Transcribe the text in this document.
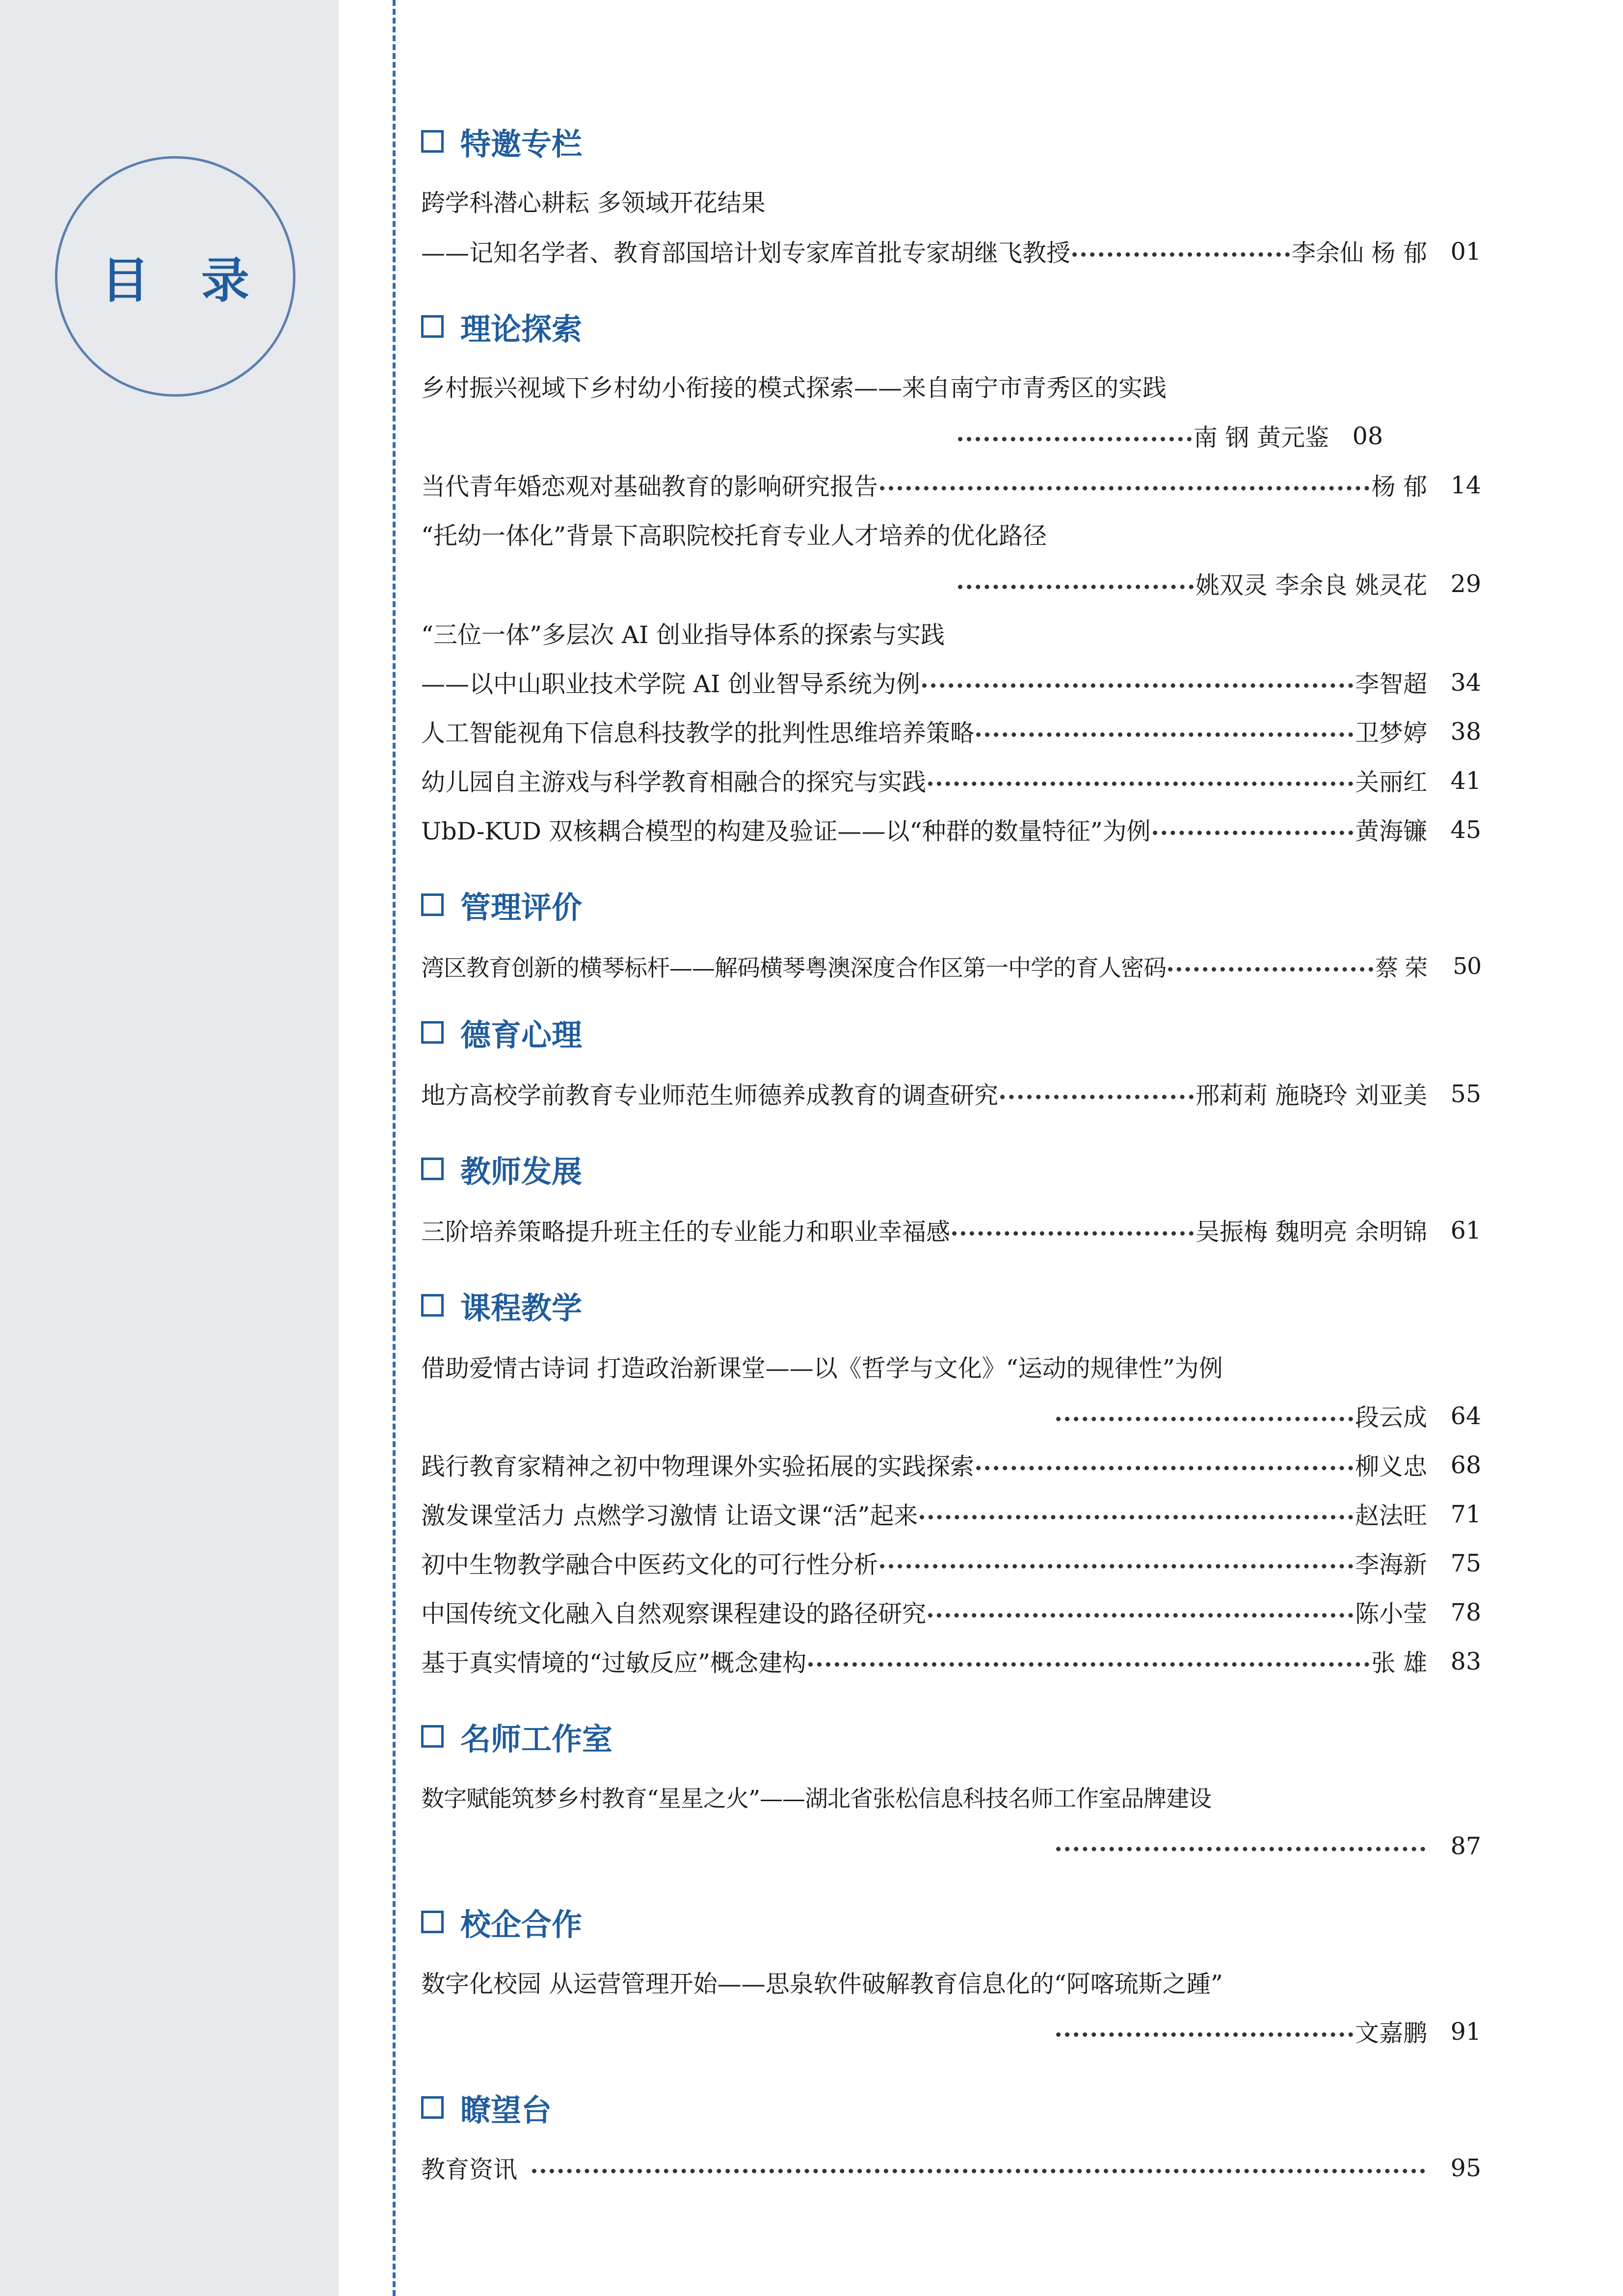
目 录
特邀专栏
跨学科潜心耕耘 多领域开花结果
——记知名学者、教育部国培计划专家库首批专家胡继飞教授	李余仙 杨 郁 01
理论探索
乡村振兴视域下乡村幼小衔接的模式探索——来自南宁市青秀区的实践
南 钢 黄元鉴 08
当代青年婚恋观对基础教育的影响研究报告	杨 郁 14
“托幼一体化”背景下高职院校托育专业人才培养的优化路径
姚双灵 李余良 姚灵花 29
“三位一体”多层次 AI 创业指导体系的探索与实践
——以中山职业技术学院 AI 创业智导系统为例	李智超 34
人工智能视角下信息科技教学的批判性思维培养策略	卫梦婷 38
幼儿园自主游戏与科学教育相融合的探究与实践	关丽红 41
UbD-KUD 双核耦合模型的构建及验证——以“种群的数量特征”为例	黄海镰 45
管理评价
湾区教育创新的横琴标杆——解码横琴粤澳深度合作区第一中学的育人密码	蔡 荣	50
德育心理
地方高校学前教育专业师范生师德养成教育的调查研究	邢莉莉 施晓玲 刘亚美 55
教师发展
三阶培养策略提升班主任的专业能力和职业幸福感	吴振梅 魏明亮 余明锦 61
课程教学
借助爱情古诗词 打造政治新课堂——以《哲学与文化》“运动的规律性”为例
段云成 64
践行教育家精神之初中物理课外实验拓展的实践探索	柳义忠 68
激发课堂活力 点燃学习激情 让语文课“活”起来	赵法旺 71
初中生物教学融合中医药文化的可行性分析	李海新 75
中国传统文化融入自然观察课程建设的路径研究	陈小莹 78
基于真实情境的“过敏反应”概念建构	张 雄 83
名师工作室
数字赋能筑梦乡村教育“星星之火”——湖北省张松信息科技名师工作室品牌建设
87
校企合作
数字化校园 从运营管理开始——思泉软件破解教育信息化的“阿喀琉斯之踵”
文嘉鹏 91
瞭望台
教育资讯	95
